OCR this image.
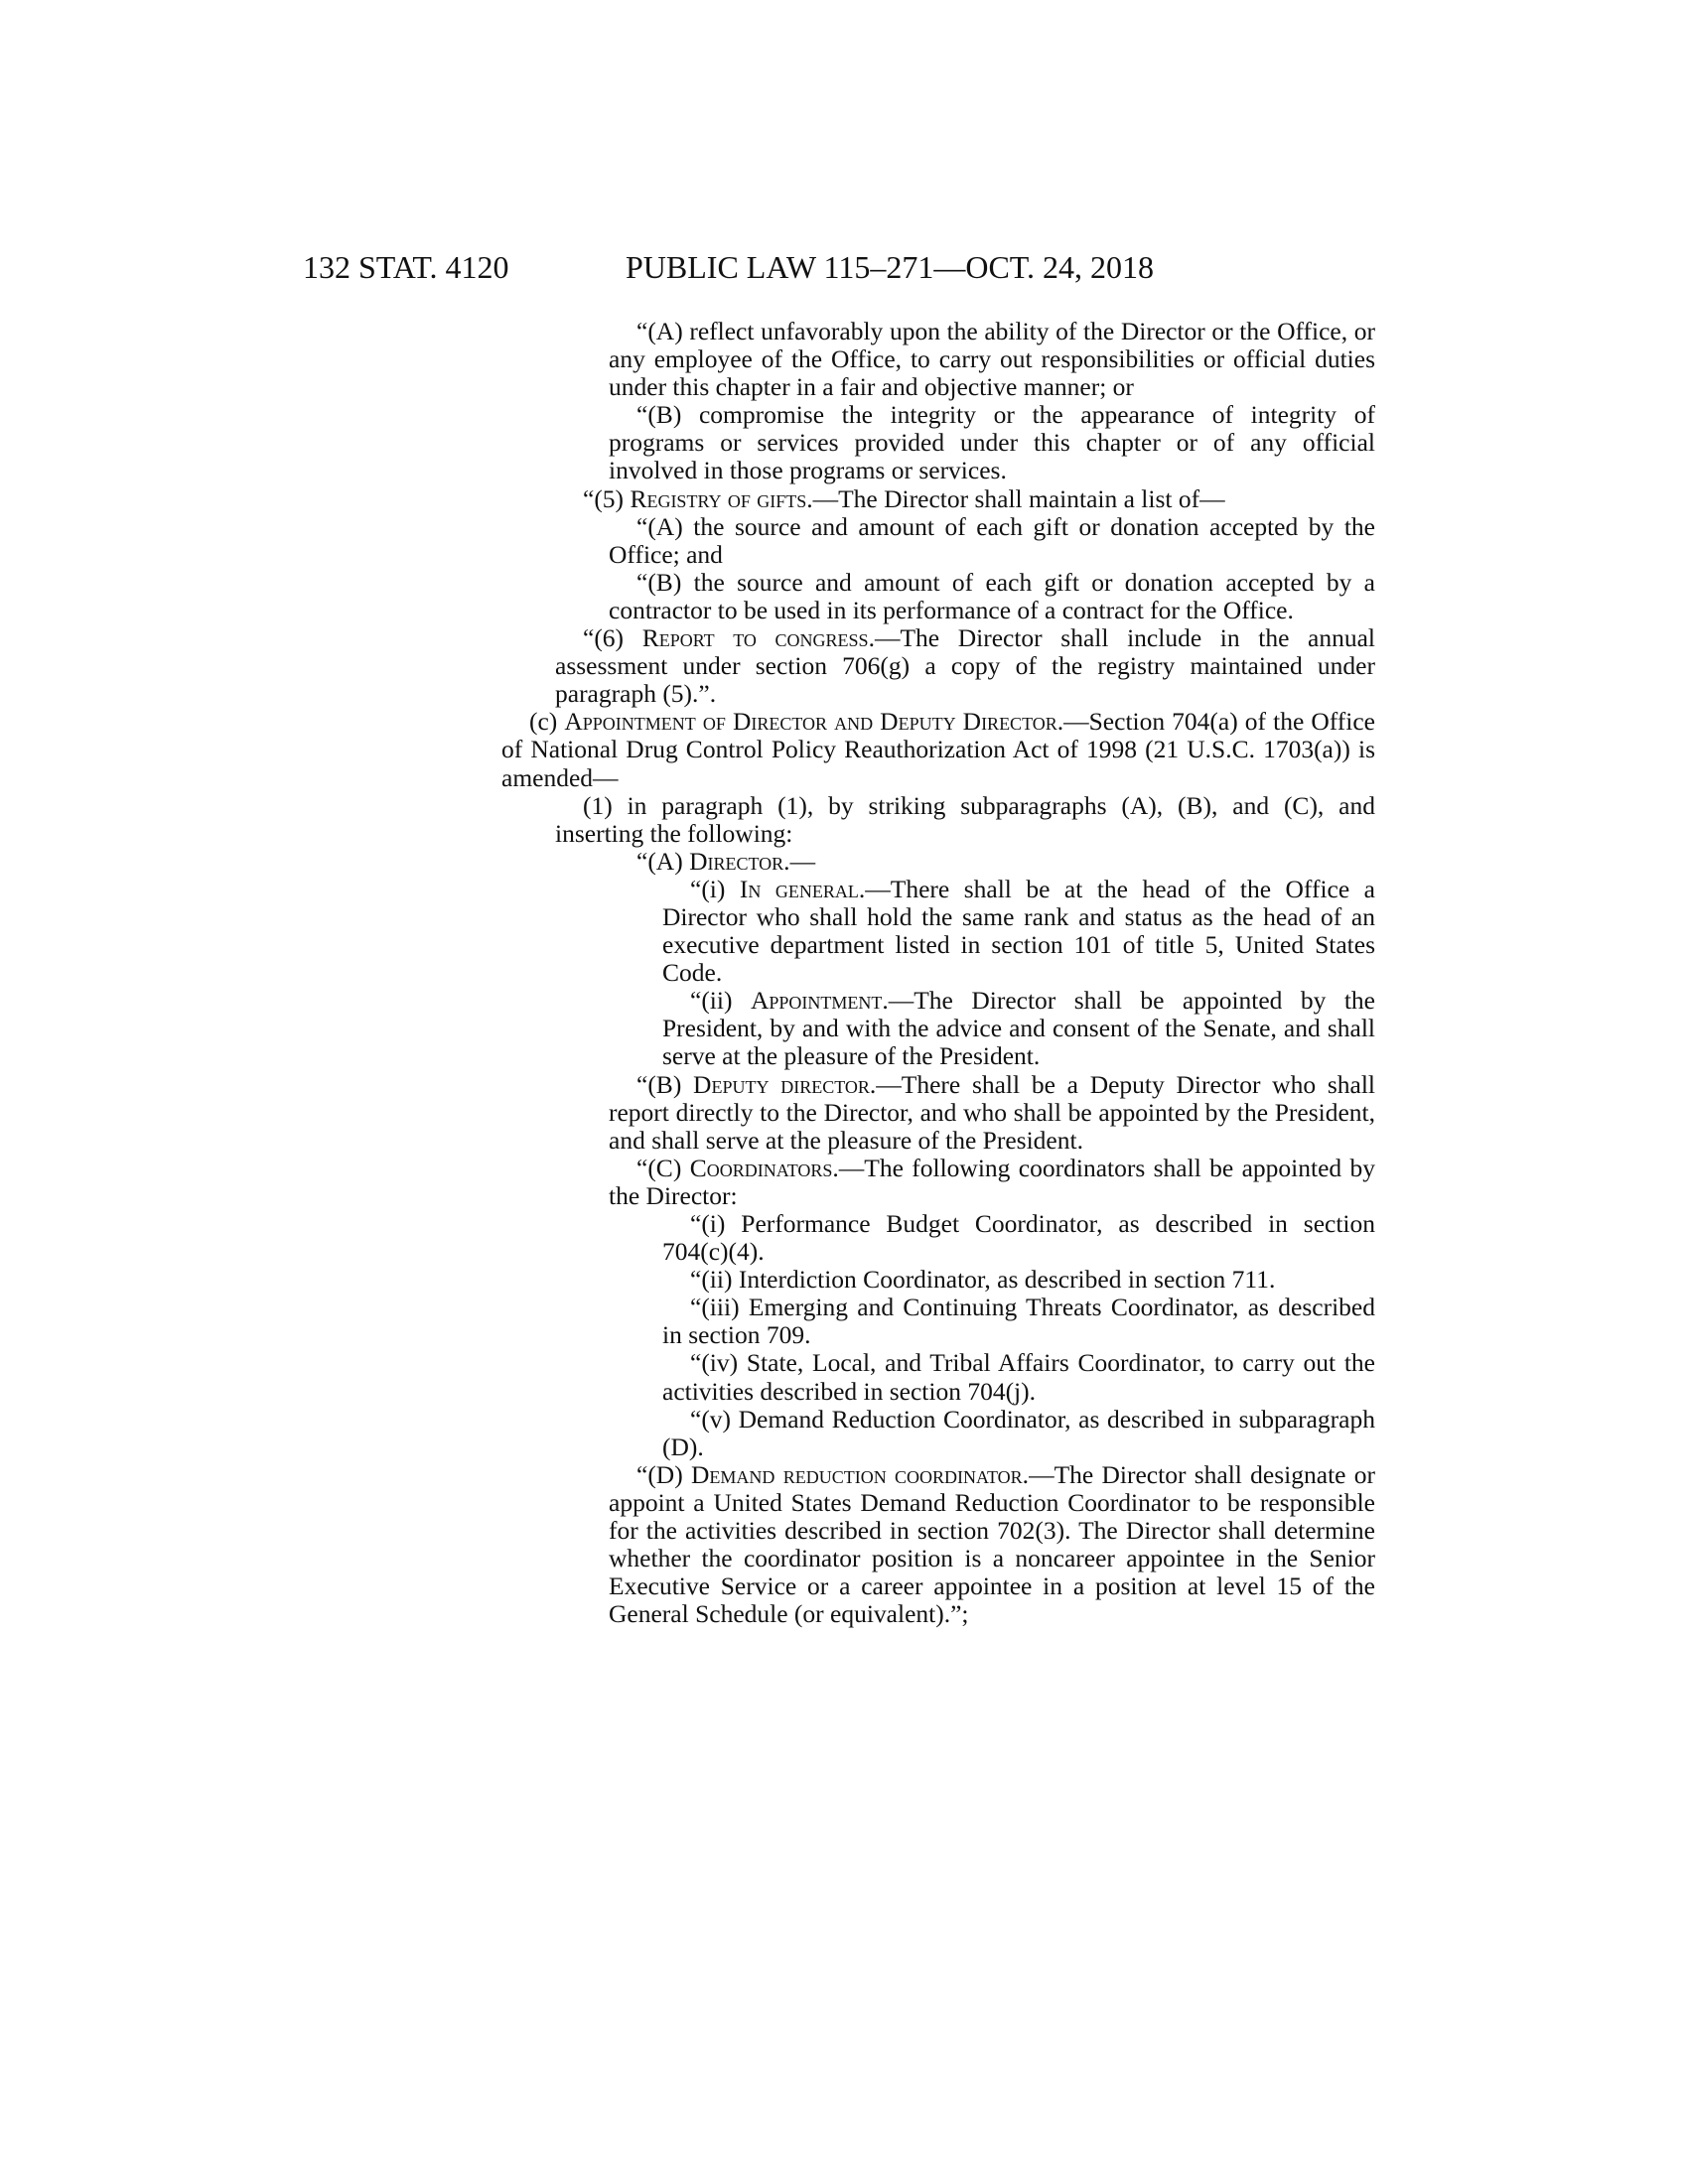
132 STAT. 4120	PUBLIC LAW 115–271—OCT. 24, 2018

“(A) reflect unfavorably upon the ability of the Director or the Office, or any employee of the Office, to carry out responsibilities or official duties under this chapter in a fair and objective manner; or

“(B) compromise the integrity or the appearance of integrity of programs or services provided under this chapter or of any official involved in those programs or services.

“(5) Registry of gifts.—The Director shall maintain a list of—

“(A) the source and amount of each gift or donation accepted by the Office; and

“(B) the source and amount of each gift or donation accepted by a contractor to be used in its performance of a contract for the Office.

“(6) Report to congress.—The Director shall include in the annual assessment under section 706(g) a copy of the registry maintained under paragraph (5).”.

(c) Appointment of Director and Deputy Director.—Section 704(a) of the Office of National Drug Control Policy Reauthorization Act of 1998 (21 U.S.C. 1703(a)) is amended—

(1) in paragraph (1), by striking subparagraphs (A), (B), and (C), and inserting the following:

“(A) Director.—

“(i) In general.—There shall be at the head of the Office a Director who shall hold the same rank and status as the head of an executive department listed in section 101 of title 5, United States Code.

“(ii) Appointment.—The Director shall be appointed by the President, by and with the advice and consent of the Senate, and shall serve at the pleasure of the President.

“(B) Deputy director.—There shall be a Deputy Director who shall report directly to the Director, and who shall be appointed by the President, and shall serve at the pleasure of the President.

“(C) Coordinators.—The following coordinators shall be appointed by the Director:

“(i) Performance Budget Coordinator, as described in section 704(c)(4).

“(ii) Interdiction Coordinator, as described in section 711.

“(iii) Emerging and Continuing Threats Coordinator, as described in section 709.

“(iv) State, Local, and Tribal Affairs Coordinator, to carry out the activities described in section 704(j).

“(v) Demand Reduction Coordinator, as described in subparagraph (D).

“(D) Demand reduction coordinator.—The Director shall designate or appoint a United States Demand Reduction Coordinator to be responsible for the activities described in section 702(3). The Director shall determine whether the coordinator position is a noncareer appointee in the Senior Executive Service or a career appointee in a position at level 15 of the General Schedule (or equivalent).”;
